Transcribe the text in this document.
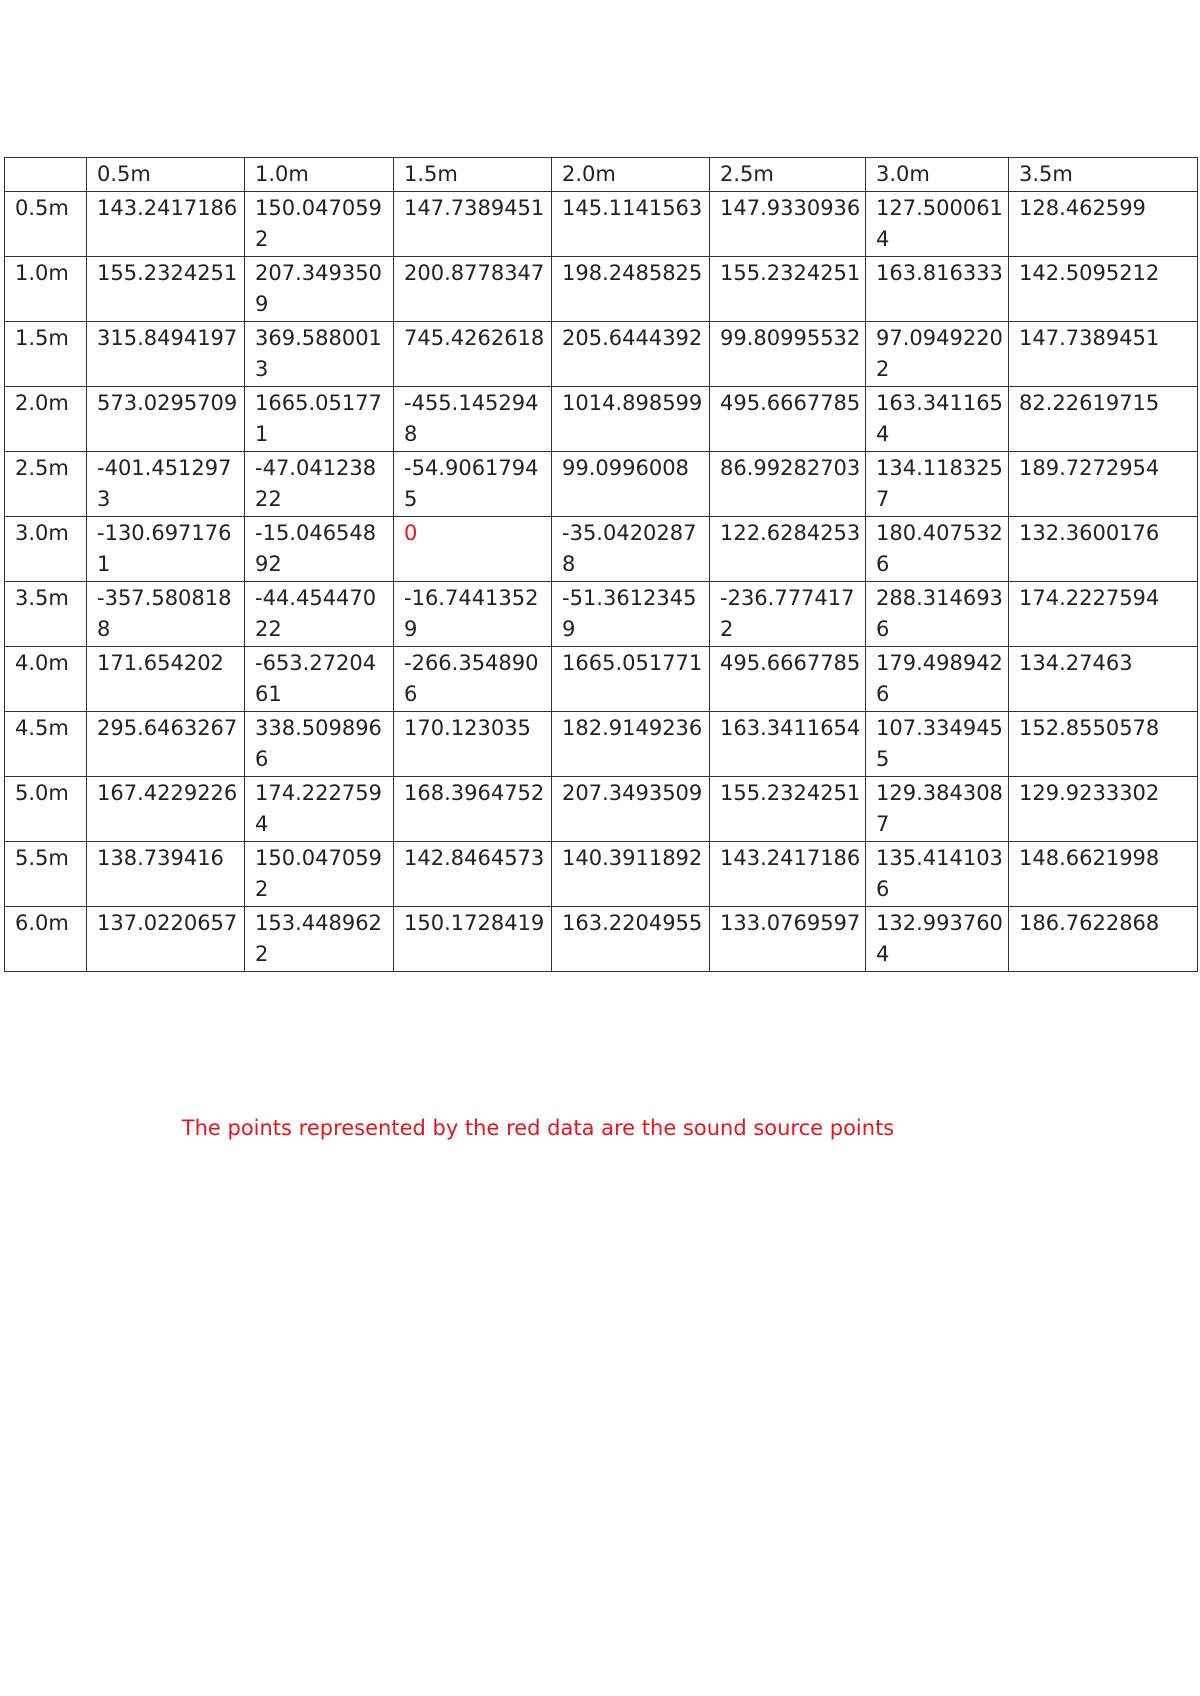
	0.5m	1.0m	1.5m	2.0m	2.5m	3.0m	3.5m
0.5m	143.2417186	150.0470592	147.7389451	145.1141563	147.9330936	127.5000614	128.462599
1.0m	155.2324251	207.3493509	200.8778347	198.2485825	155.2324251	163.816333	142.5095212
1.5m	315.8494197	369.5880013	745.4262618	205.6444392	99.80995532	97.09492202	147.7389451
2.0m	573.0295709	1665.051771	-455.1452948	1014.898599	495.6667785	163.3411654	82.22619715
2.5m	-401.4512973	-47.04123822	-54.90617945	99.0996008	86.99282703	134.1183257	189.7272954
3.0m	-130.6971761	-15.04654892	0	-35.04202878	122.6284253	180.4075326	132.3600176
3.5m	-357.5808188	-44.45447022	-16.74413529	-51.36123459	-236.7774172	288.3146936	174.2227594
4.0m	171.654202	-653.2720461	-266.3548906	1665.051771	495.6667785	179.4989426	134.27463
4.5m	295.6463267	338.5098966	170.123035	182.9149236	163.3411654	107.3349455	152.8550578
5.0m	167.4229226	174.2227594	168.3964752	207.3493509	155.2324251	129.3843087	129.9233302
5.5m	138.739416	150.0470592	142.8464573	140.3911892	143.2417186	135.4141036	148.6621998
6.0m	137.0220657	153.4489622	150.1728419	163.2204955	133.0769597	132.9937604	186.7622868
The points represented by the red data are the sound source points
